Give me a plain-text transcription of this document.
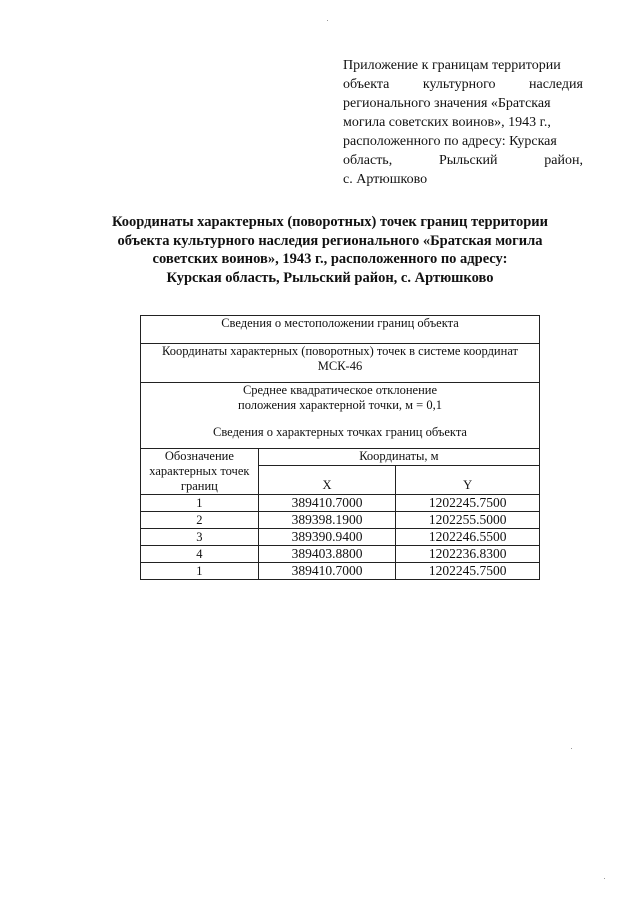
Приложение к границам территории
объекта культурного наследия
регионального значения «Братская
могила советских воинов», 1943 г.,
расположенного по адресу: Курская
область,	Рыльский	район,
с. Артюшково
Координаты характерных (поворотных) точек границ территории
объекта культурного наследия регионального «Братская могила
советских воинов», 1943 г., расположенного по адресу:
Курская область, Рыльский район, с. Артюшково
Сведения о местоположении границ объекта		
Координаты характерных (поворотных) точек в системе координат
МСК-46		
Среднее квадратическое отклонение
положения характерной точки, м = 0,1
Сведения о характерных точках границ объекта		
Обозначение
характерных точек
границ	Координаты, м	
	X	Y
1	389410.7000	1202245.7500
2	389398.1900	1202255.5000
3	389390.9400	1202246.5500
4	389403.8800	1202236.8300
1	389410.7000	1202245.7500
